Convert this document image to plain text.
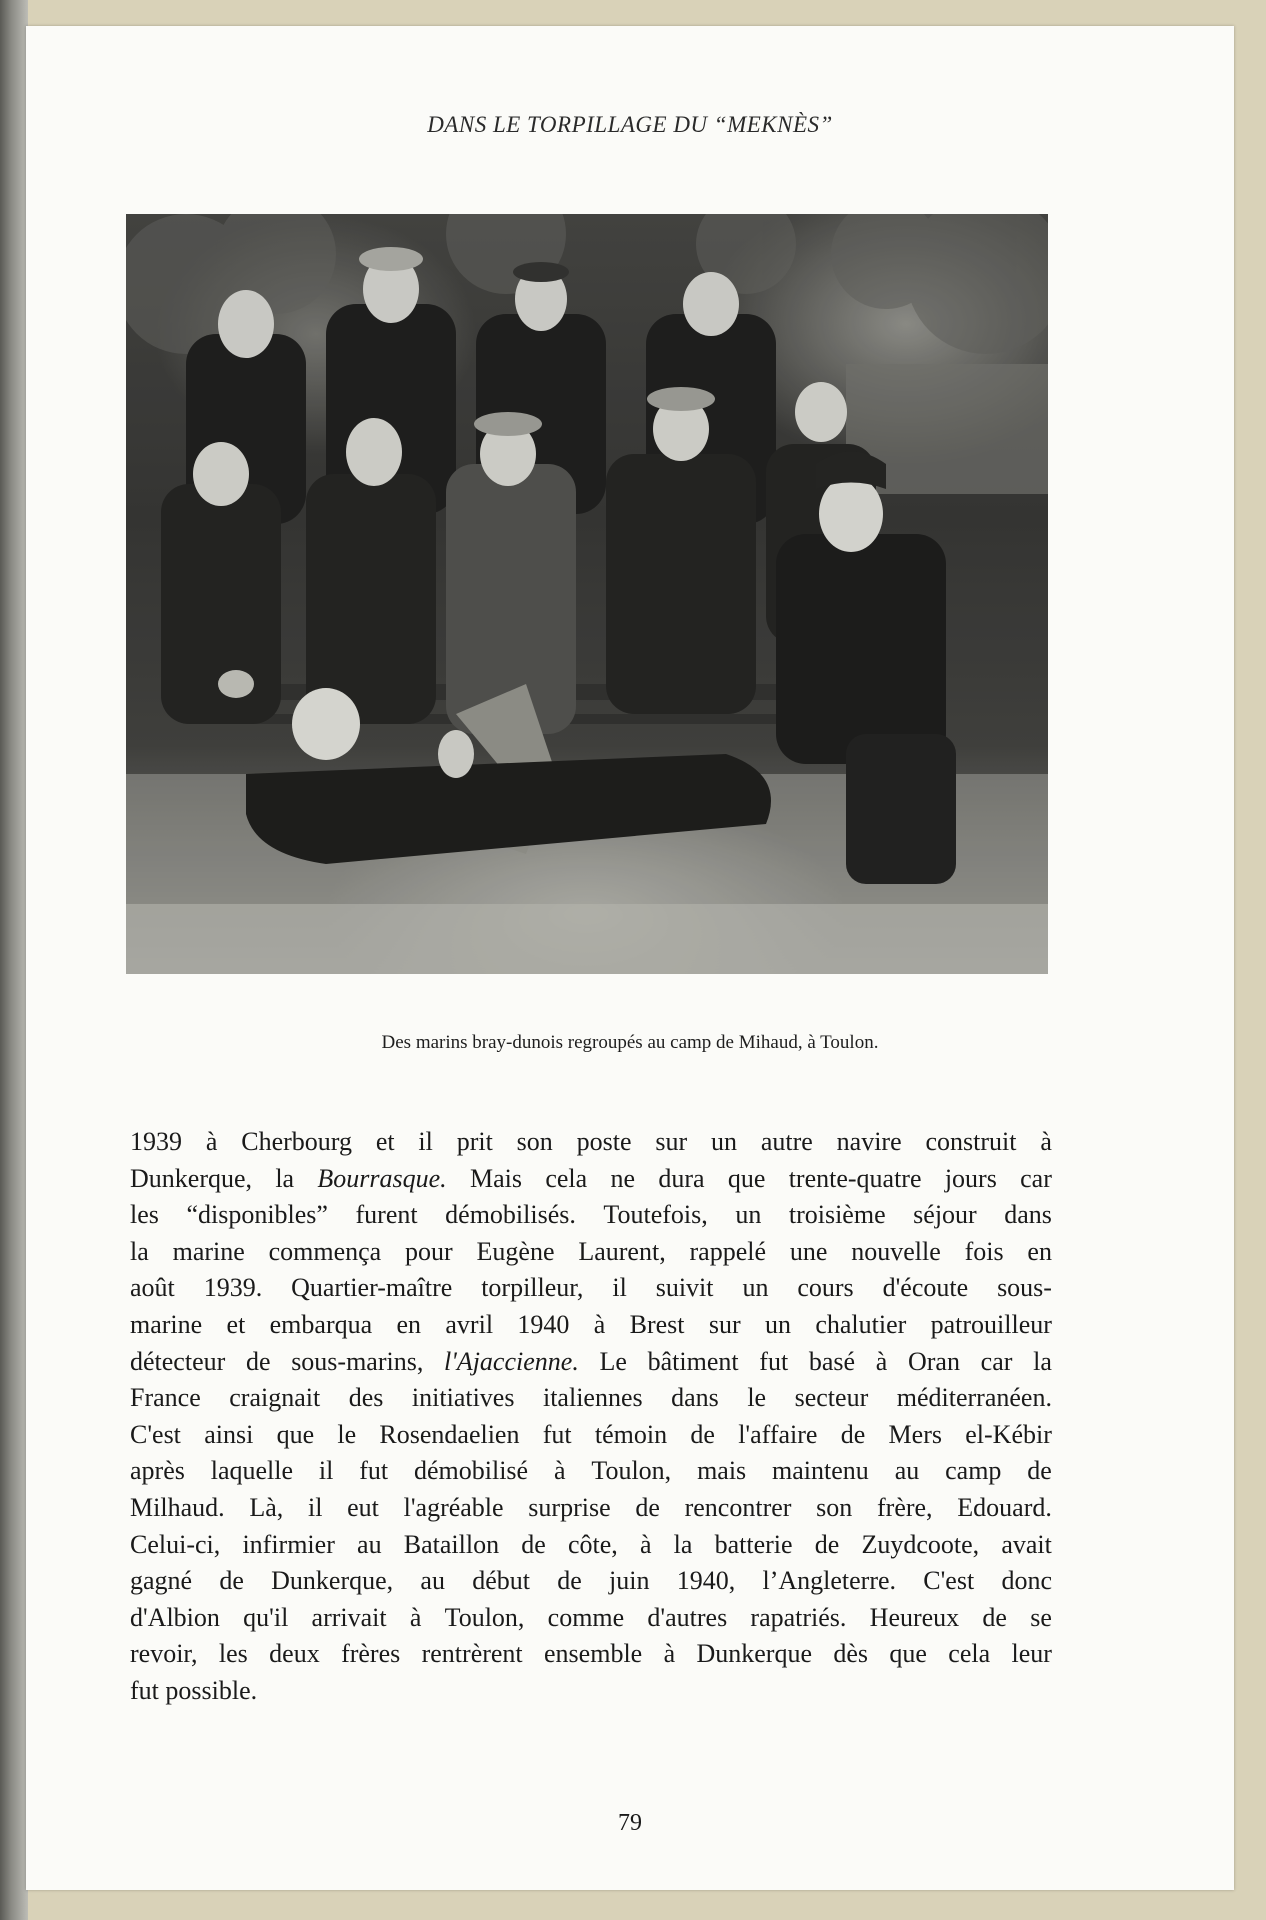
DANS LE TORPILLAGE DU “MEKNÈS”
Des marins bray-dunois regroupés au camp de Mihaud, à Toulon.
1939 à Cherbourg et il prit son poste sur un autre navire construit à
Dunkerque, la Bourrasque. Mais cela ne dura que trente-quatre jours car
les “disponibles” furent démobilisés. Toutefois, un troisième séjour dans
la marine commença pour Eugène Laurent, rappelé une nouvelle fois en
août 1939. Quartier-maître torpilleur, il suivit un cours d'écoute sous-
marine et embarqua en avril 1940 à Brest sur un chalutier patrouilleur
détecteur de sous-marins, l'Ajaccienne. Le bâtiment fut basé à Oran car la
France craignait des initiatives italiennes dans le secteur méditerranéen.
C'est ainsi que le Rosendaelien fut témoin de l'affaire de Mers el-Kébir
après laquelle il fut démobilisé à Toulon, mais maintenu au camp de
Milhaud. Là, il eut l'agréable surprise de rencontrer son frère, Edouard.
Celui-ci, infirmier au Bataillon de côte, à la batterie de Zuydcoote, avait
gagné de Dunkerque, au début de juin 1940, l’Angleterre. C'est donc
d'Albion qu'il arrivait à Toulon, comme d'autres rapatriés. Heureux de se
revoir, les deux frères rentrèrent ensemble à Dunkerque dès que cela leur
fut possible.
79
